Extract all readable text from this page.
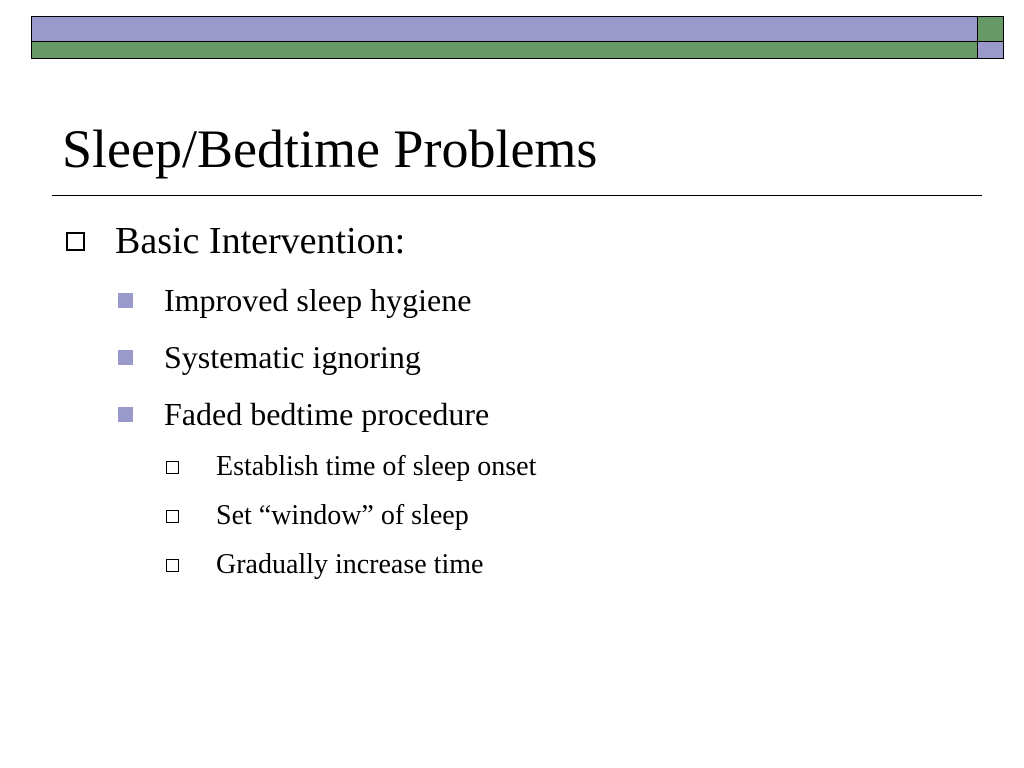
Sleep/Bedtime Problems
Basic Intervention:
Improved sleep hygiene
Systematic ignoring
Faded bedtime procedure
Establish time of sleep onset
Set “window” of sleep
Gradually increase time
